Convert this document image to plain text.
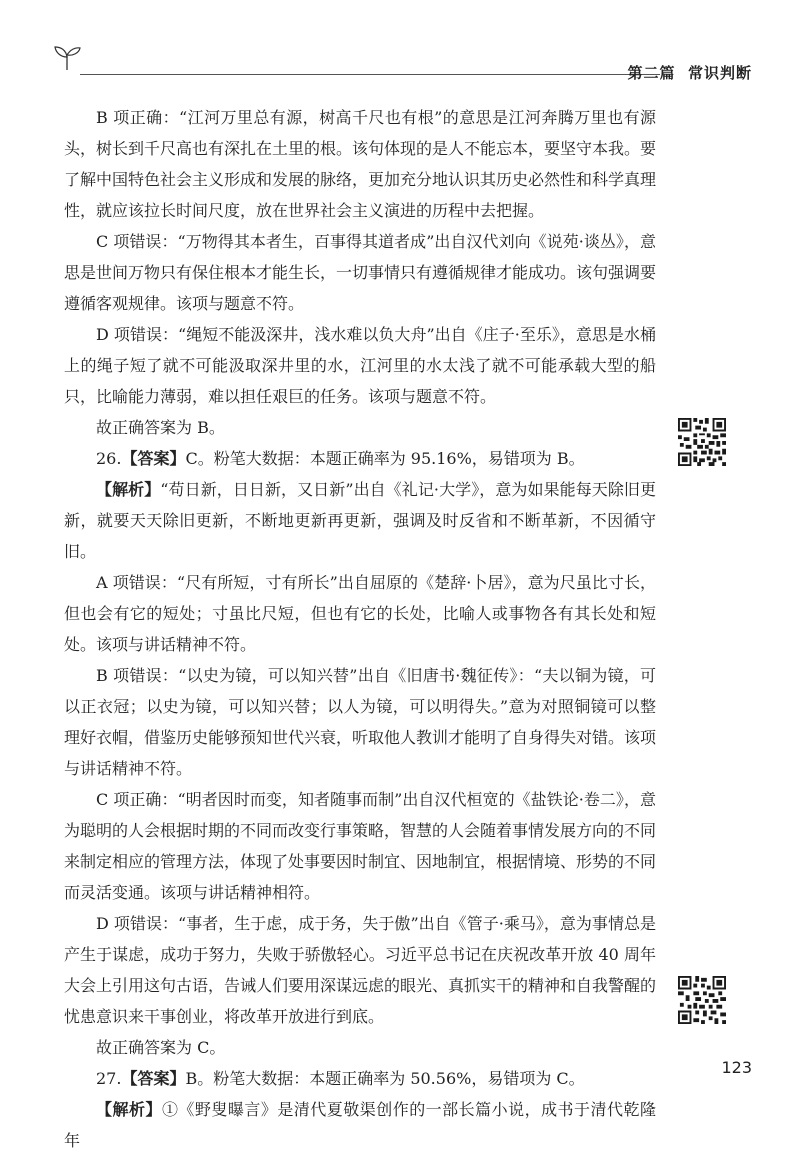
第二篇 常识判断

B 项正确：“江河万里总有源，树高千尺也有根”的意思是江河奔腾万里也有源头，树长到千尺高也有深扎在土里的根。该句体现的是人不能忘本，要坚守本我。要了解中国特色社会主义形成和发展的脉络，更加充分地认识其历史必然性和科学真理性，就应该拉长时间尺度，放在世界社会主义演进的历程中去把握。

C 项错误：“万物得其本者生，百事得其道者成”出自汉代刘向《说苑·谈丛》，意思是世间万物只有保住根本才能生长，一切事情只有遵循规律才能成功。该句强调要遵循客观规律。该项与题意不符。

D 项错误：“绳短不能汲深井，浅水难以负大舟”出自《庄子·至乐》，意思是水桶上的绳子短了就不可能汲取深井里的水，江河里的水太浅了就不可能承载大型的船只，比喻能力薄弱，难以担任艰巨的任务。该项与题意不符。

故正确答案为 B。

26.【答案】C。粉笔大数据：本题正确率为 95.16%，易错项为 B。

【解析】“苟日新，日日新，又日新”出自《礼记·大学》，意为如果能每天除旧更新，就要天天除旧更新，不断地更新再更新，强调及时反省和不断革新，不因循守旧。

A 项错误：“尺有所短，寸有所长”出自屈原的《楚辞·卜居》，意为尺虽比寸长，但也会有它的短处；寸虽比尺短，但也有它的长处，比喻人或事物各有其长处和短处。该项与讲话精神不符。

B 项错误：“以史为镜，可以知兴替”出自《旧唐书·魏征传》：“夫以铜为镜，可以正衣冠；以史为镜，可以知兴替；以人为镜，可以明得失。”意为对照铜镜可以整理好衣帽，借鉴历史能够预知世代兴衰，听取他人教训才能明了自身得失对错。该项与讲话精神不符。

C 项正确：“明者因时而变，知者随事而制”出自汉代桓宽的《盐铁论·卷二》，意为聪明的人会根据时期的不同而改变行事策略，智慧的人会随着事情发展方向的不同来制定相应的管理方法，体现了处事要因时制宜、因地制宜，根据情境、形势的不同而灵活变通。该项与讲话精神相符。

D 项错误：“事者，生于虑，成于务，失于傲”出自《管子·乘马》，意为事情总是产生于谋虑，成功于努力，失败于骄傲轻心。习近平总书记在庆祝改革开放 40 周年大会上引用这句古语，告诫人们要用深谋远虑的眼光、真抓实干的精神和自我警醒的忧患意识来干事创业，将改革开放进行到底。

故正确答案为 C。

27.【答案】B。粉笔大数据：本题正确率为 50.56%，易错项为 C。

【解析】①《野叟曝言》是清代夏敬渠创作的一部长篇小说，成书于清代乾隆年

123
